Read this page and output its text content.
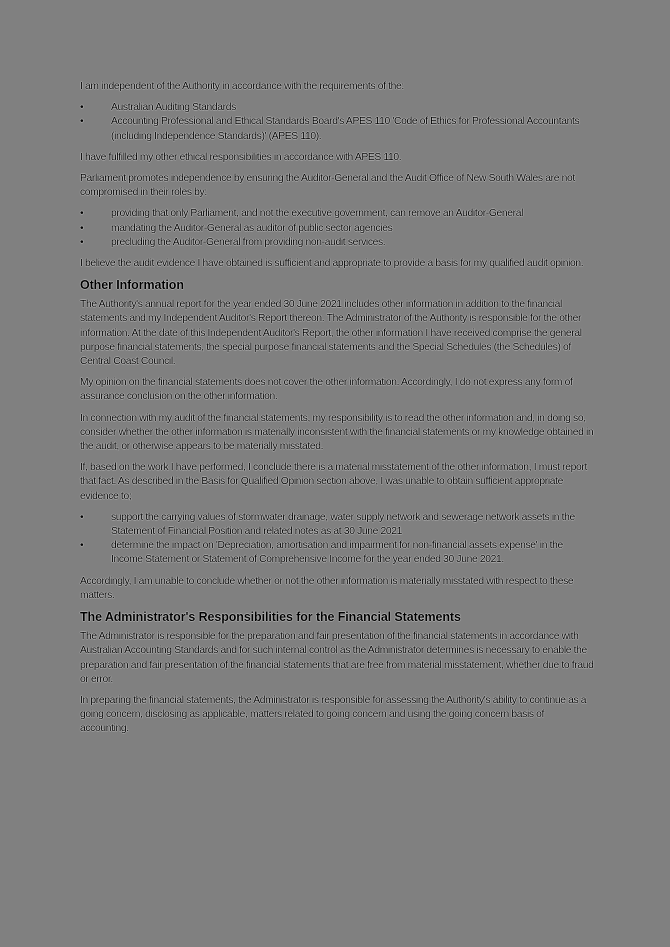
I am independent of the Authority in accordance with the requirements of the:

•	Australian Auditing Standards
•	Accounting Professional and Ethical Standards Board's APES 110 'Code of Ethics for Professional Accountants (including Independence Standards)' (APES 110).

I have fulfilled my other ethical responsibilities in accordance with APES 110.

Parliament promotes independence by ensuring the Auditor-General and the Audit Office of New South Wales are not compromised in their roles by:

•	providing that only Parliament, and not the executive government, can remove an Auditor-General
•	mandating the Auditor-General as auditor of public sector agencies
•	precluding the Auditor-General from providing non-audit services.

I believe the audit evidence I have obtained is sufficient and appropriate to provide a basis for my qualified audit opinion.

Other Information

The Authority's annual report for the year ended 30 June 2021 includes other information in addition to the financial statements and my Independent Auditor's Report thereon. The Administrator of the Authority is responsible for the other information. At the date of this Independent Auditor's Report, the other information I have received comprise the general purpose financial statements, the special purpose financial statements and the Special Schedules (the Schedules) of Central Coast Council.

My opinion on the financial statements does not cover the other information. Accordingly, I do not express any form of assurance conclusion on the other information.

In connection with my audit of the financial statements, my responsibility is to read the other information and, in doing so, consider whether the other information is materially inconsistent with the financial statements or my knowledge obtained in the audit, or otherwise appears to be materially misstated.

If, based on the work I have performed, I conclude there is a material misstatement of the other information, I must report that fact. As described in the Basis for Qualified Opinion section above, I was unable to obtain sufficient appropriate evidence to;

•	support the carrying values of stormwater drainage, water supply network and sewerage network assets in the Statement of Financial Position and related notes as at 30 June 2021
•	determine the impact on 'Depreciation, amortisation and impairment for non-financial assets expense' in the Income Statement or Statement of Comprehensive Income for the year ended 30 June 2021.

Accordingly, I am unable to conclude whether or not the other information is materially misstated with respect to these matters.

The Administrator's Responsibilities for the Financial Statements

The Administrator is responsible for the preparation and fair presentation of the financial statements in accordance with Australian Accounting Standards and for such internal control as the Administrator determines is necessary to enable the preparation and fair presentation of the financial statements that are free from material misstatement, whether due to fraud or error.

In preparing the financial statements, the Administrator is responsible for assessing the Authority's ability to continue as a going concern, disclosing as applicable, matters related to going concern and using the going concern basis of accounting.
